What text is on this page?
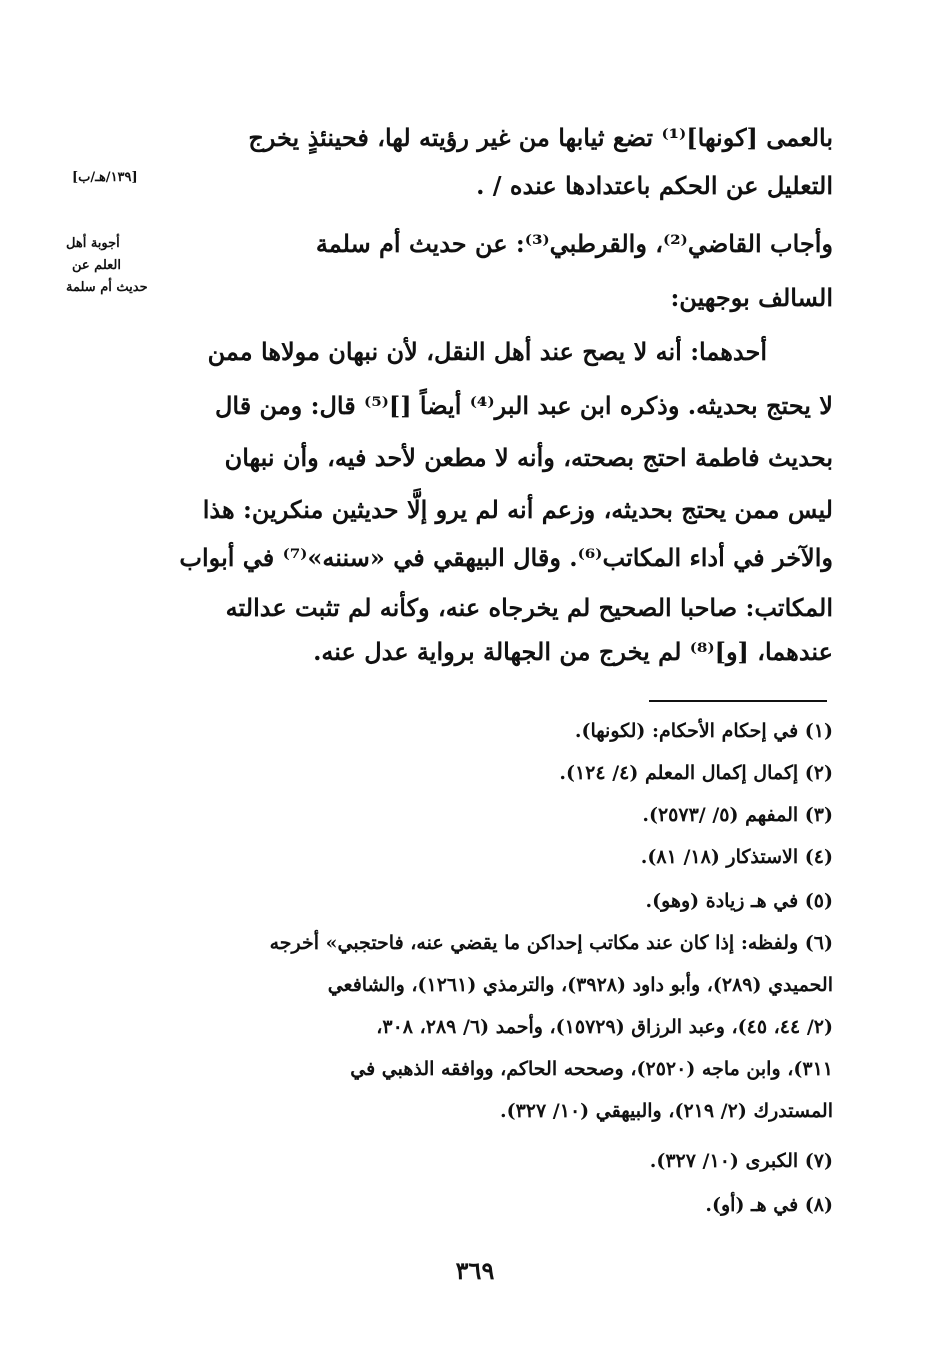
بالعمى [كونها]⁽¹⁾ تضع ثيابها من غير رؤيته لها، فحينئذٍ يخرج
التعليل عن الحكم باعتدادها عنده / .
وأجاب القاضي⁽²⁾، والقرطبي⁽³⁾: عن حديث أم سلمة
السالف بوجهين:
أحدهما: أنه لا يصح عند أهل النقل، لأن نبهان مولاها ممن
لا يحتج بحديثه. وذكره ابن عبد البر⁽⁴⁾ أيضاً []⁽⁵⁾ قال: ومن قال
بحديث فاطمة احتج بصحته، وأنه لا مطعن لأحد فيه، وأن نبهان
ليس ممن يحتج بحديثه، وزعم أنه لم يرو إلَّا حديثين منكرين: هذا
والآخر في أداء المكاتب⁽⁶⁾. وقال البيهقي في «سننه»⁽⁷⁾ في أبواب
المكاتب: صاحبا الصحيح لم يخرجاه عنه، وكأنه لم تثبت عدالته
عندهما، [و]⁽⁸⁾ لم يخرج من الجهالة برواية عدل عنه.
[١٣٩/هـ/ب]
أجوبة أهل
العلم عن
حديث أم سلمة
(١) في إحكام الأحكام: (لكونها).
(٢) إكمال إكمال المعلم (٤/ ١٢٤).
(٣) المفهم (٥/ /٢٥٧٣).
(٤) الاستذكار (١٨/ ٨١).
(٥) في هـ زيادة (وهو).
(٦) ولفظه: إذا كان عند مكاتب إحداكن ما يقضي عنه، فاحتجبي» أخرجه
الحميدي (٢٨٩)، وأبو داود (٣٩٢٨)، والترمذي (١٢٦١)، والشافعي
(٢/ ٤٤، ٤٥)، وعبد الرزاق (١٥٧٢٩)، وأحمد (٦/ ٢٨٩، ٣٠٨،
٣١١)، وابن ماجه (٢٥٢٠)، وصححه الحاكم، ووافقه الذهبي في
المستدرك (٢/ ٢١٩)، والبيهقي (١٠/ ٣٢٧).
(٧) الكبرى (١٠/ ٣٢٧).
(٨) في هـ (أو).
٣٦٩
